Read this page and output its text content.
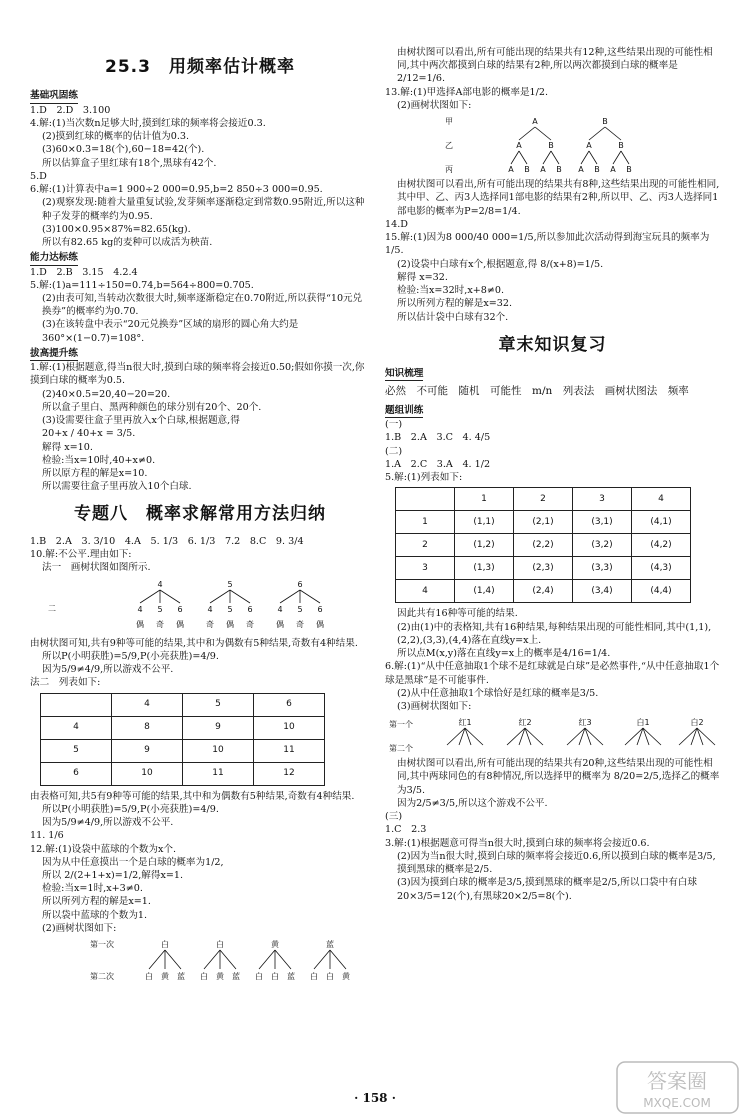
25.3　用频率估计概率
基础巩固练
1.D　2.D　3.100
4.解:(1)当次数n足够大时,摸到红球的频率将会接近0.3.
(2)摸到红球的概率的估计值为0.3.
(3)60×0.3=18(个),60−18=42(个).
所以估算盒子里红球有18个,黑球有42个.
5.D
6.解:(1)计算表中a=1 900÷2 000=0.95,b=2 850÷3 000=0.95.
(2)观察发现:随着大量重复试验,发芽频率逐渐稳定到常数0.95附近,所以这种种子发芽的概率约为0.95.
(3)100×0.95×87%=82.65(kg).
所以有82.65 kg的麦种可以成活为秧苗.
能力达标练
1.D　2.B　3.15　4.2.4
5.解:(1)a=111÷150=0.74,b=564÷800=0.705.
(2)由表可知,当转动次数很大时,频率逐渐稳定在0.70附近,所以获得“10元兑换券”的概率约为0.70.
(3)在该转盘中表示“20元兑换券”区域的扇形的圆心角大约是360°×(1−0.7)=108°.
拔高提升练
1.解:(1)根据题意,得当n很大时,摸到白球的频率将会接近0.50;假如你摸一次,你摸到白球的概率为0.5.
(2)40×0.5=20,40−20=20.
所以盒子里白、黑两种颜色的球分别有20个、20个.
(3)设需要往盒子里再放入x个白球,根据题意,得
20+x / 40+x = 3/5.
解得 x=10.
检验:当x=10时,40+x≠0.
所以原方程的解是x=10.
所以需要往盒子里再放入10个白球.
专题八　概率求解常用方法归纳
1.B　2.A　3. 3/10　4.A　5. 1/3　6. 1/3　7.2　8.C　9. 3/4
10.解:不公平.理由如下:
法一　画树状图如图所示.
二
4
4
偶
5
奇
6
偶
5
4
奇
5
偶
6
奇
6
4
偶
5
奇
6
偶
由树状图可知,共有9种等可能的结果,其中和为偶数有5种结果,奇数有4种结果.
所以P(小明获胜)=5/9,P(小亮获胜)=4/9.
因为5/9≠4/9,所以游戏不公平.
法二　列表如下:
	4	5	6
4	8	9	10
5	9	10	11
6	10	11	12
由表格可知,共5有9种等可能的结果,其中和为偶数有5种结果,奇数有4种结果.
所以P(小明获胜)=5/9,P(小亮获胜)=4/9.
因为5/9≠4/9,所以游戏不公平.
11. 1/6
12.解:(1)设袋中蓝球的个数为x个.
因为从中任意摸出一个是白球的概率为1/2,
所以 2/(2+1+x)=1/2,解得x=1.
检验:当x=1时,x+3≠0.
所以所列方程的解是x=1.
所以袋中蓝球的个数为1.
(2)画树状图如下:
第一次
第二次
白
白 黄 蓝
白
白 黄 蓝
黄
白 白 蓝
蓝
白 白 黄
由树状图可以看出,所有可能出现的结果共有12种,这些结果出现的可能性相同,其中两次都摸到白球的结果有2种,所以两次都摸到白球的概率是 2/12=1/6.
13.解:(1)甲选择A部电影的概率是1/2.
(2)画树状图如下:
甲
乙
丙
A
A
A B
B
A B
B
A
A B
B
A B
由树状图可以看出,所有可能出现的结果共有8种,这些结果出现的可能性相同,其中甲、乙、丙3人选择同1部电影的结果有2种,所以甲、乙、丙3人选择同1部电影的概率为P=2/8=1/4.
14.D
15.解:(1)因为8 000/40 000=1/5,所以参加此次活动得到海宝玩具的频率为1/5.
(2)设袋中白球有x个,根据题意,得 8/(x+8)=1/5.
解得 x=32.
检验:当x=32时,x+8≠0.
所以所列方程的解是x=32.
所以估计袋中白球有32个.
章末知识复习
知识梳理
必然　不可能　随机　可能性　m/n　列表法　画树状图法　频率
题组训练
(一)
1.B　2.A　3.C　4. 4/5
(二)
1.A　2.C　3.A　4. 1/2
5.解:(1)列表如下:
	1	2	3	4
1	(1,1)	(2,1)	(3,1)	(4,1)
2	(1,2)	(2,2)	(3,2)	(4,2)
3	(1,3)	(2,3)	(3,3)	(4,3)
4	(1,4)	(2,4)	(3,4)	(4,4)
因此共有16种等可能的结果.
(2)由(1)中的表格知,共有16种结果,每种结果出现的可能性相同,其中(1,1),(2,2),(3,3),(4,4)落在直线y=x上.
所以点M(x,y)落在直线y=x上的概率是4/16=1/4.
6.解:(1)“从中任意抽取1个球不是红球就是白球”是必然事件,“从中任意抽取1个球是黑球”是不可能事件.
(2)从中任意抽取1个球恰好是红球的概率是3/5.
(3)画树状图如下:
第一个
第二个
红1	红2	红3	白1	白2
由树状图可以看出,所有可能出现的结果共有20种,这些结果出现的可能性相同,其中两球同色的有8种情况,所以选择甲的概率为 8/20=2/5,选择乙的概率为3/5.
因为2/5≠3/5,所以这个游戏不公平.
(三)
1.C　2.3
3.解:(1)根据题意可得当n很大时,摸到白球的频率将会接近0.6.
(2)因为当n很大时,摸到白球的频率将会接近0.6,所以摸到白球的概率是3/5,摸到黑球的概率是2/5.
(3)因为摸到白球的概率是3/5,摸到黑球的概率是2/5,所以口袋中有白球20×3/5=12(个),有黑球20×2/5=8(个).
· 158 ·
答案圈
MXQE.COM
